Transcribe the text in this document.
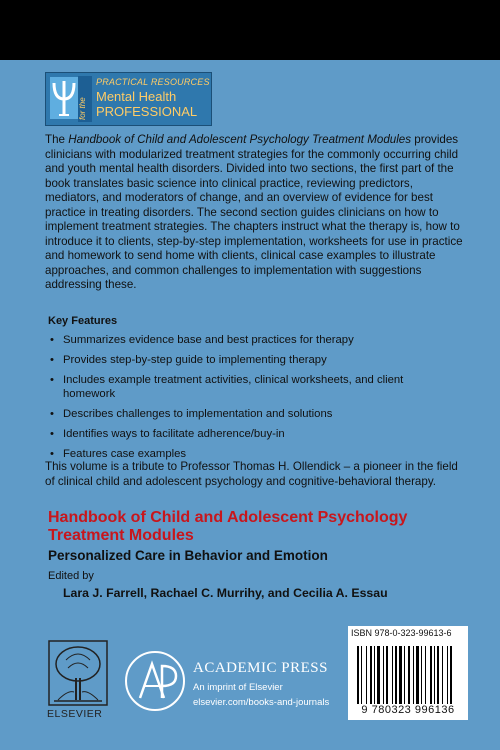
for the
PRACTICAL RESOURCES
Mental Health
PROFESSIONAL

The Handbook of Child and Adolescent Psychology Treatment Modules provides clinicians with modularized treatment strategies for the commonly occurring child and youth mental health disorders. Divided into two sections, the first part of the book translates basic science into clinical practice, reviewing predictors, mediators, and moderators of change, and an overview of evidence for best practice in treating disorders. The second section guides clinicians on how to implement treatment strategies. The chapters instruct what the therapy is, how to introduce it to clients, step-by-step implementation, worksheets for use in practice and homework to send home with clients, clinical case examples to illustrate approaches, and common challenges to implementation with suggestions addressing these.

Key Features

• Summarizes evidence base and best practices for therapy
• Provides step-by-step guide to implementing therapy
• Includes example treatment activities, clinical worksheets, and client homework
• Describes challenges to implementation and solutions
• Identifies ways to facilitate adherence/buy-in
• Features case examples

This volume is a tribute to Professor Thomas H. Ollendick – a pioneer in the field of clinical child and adolescent psychology and cognitive-behavioral therapy.

Handbook of Child and Adolescent Psychology Treatment Modules
Personalized Care in Behavior and Emotion

Edited by

Lara J. Farrell, Rachael C. Murrihy, and Cecilia A. Essau

ELSEVIER
ACADEMIC PRESS
An imprint of Elsevier
elsevier.com/books-and-journals
ISBN 978-0-323-99613-6
9 780323 996136
